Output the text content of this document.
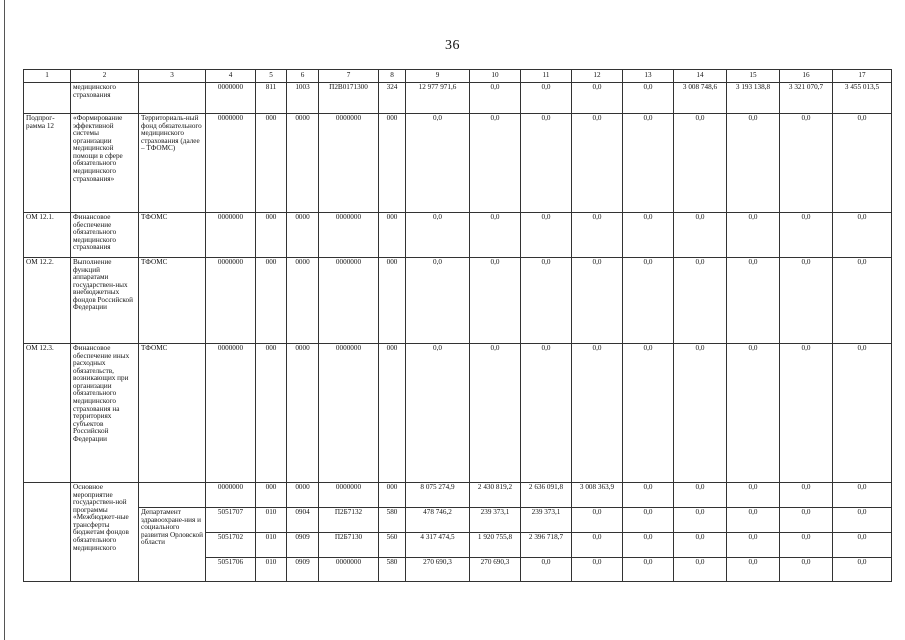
36
1	2	3	4	5	6	7	8	9	10	11	12	13	14	15	16	17
	медицинского страхования		0000000	811	1003	П2В0171300	324	12 977 971,6	0,0	0,0	0,0	0,0	3 008 748,6	3 193 138,8	3 321 070,7	3 455 013,5
Подпрог-рамма 12	«Формирование эффективной системы организации медицинской помощи в сфере обязательного медицинского страхования»	Территориаль-ный фонд обязательного медицинского страхования (далее – ТФОМС)	0000000	000	0000	0000000	000	0,0	0,0	0,0	0,0	0,0	0,0	0,0	0,0	0,0
ОМ 12.1.	Финансовое обеспечение обязательного медицинского страхования	ТФОМС	0000000	000	0000	0000000	000	0,0	0,0	0,0	0,0	0,0	0,0	0,0	0,0	0,0
ОМ 12.2.	Выполнение функций аппаратами государствен-ных внебюджетных фондов Российской Федерации	ТФОМС	0000000	000	0000	0000000	000	0,0	0,0	0,0	0,0	0,0	0,0	0,0	0,0	0,0
ОМ 12.3.	Финансовое обеспечение иных расходных обязательств, возникающих при организации обязательного медицинского страхования на территориях субъектов Российской Федерации	ТФОМС	0000000	000	0000	0000000	000	0,0	0,0	0,0	0,0	0,0	0,0	0,0	0,0	0,0
	Основное мероприятие государствен-ной программы «Межбюджет-ные трансферты бюджетам фондов обязательного медицинского		0000000	000	0000	0000000	000	8 075 274,9	2 430 819,2	2 636 091,8	3 008 363,9	0,0	0,0	0,0	0,0	0,0
		Департамент здравоохране-ния и социального развития Орловской области	5051707	010	0904	П2Б7132	580	478 746,2	239 373,1	239 373,1	0,0	0,0	0,0	0,0	0,0	0,0
			5051702	010	0909	П2Б7130	560	4 317 474,5	1 920 755,8	2 396 718,7	0,0	0,0	0,0	0,0	0,0	0,0
			5051706	010	0909	0000000	580	270 690,3	270 690,3	0,0	0,0	0,0	0,0	0,0	0,0	0,0
